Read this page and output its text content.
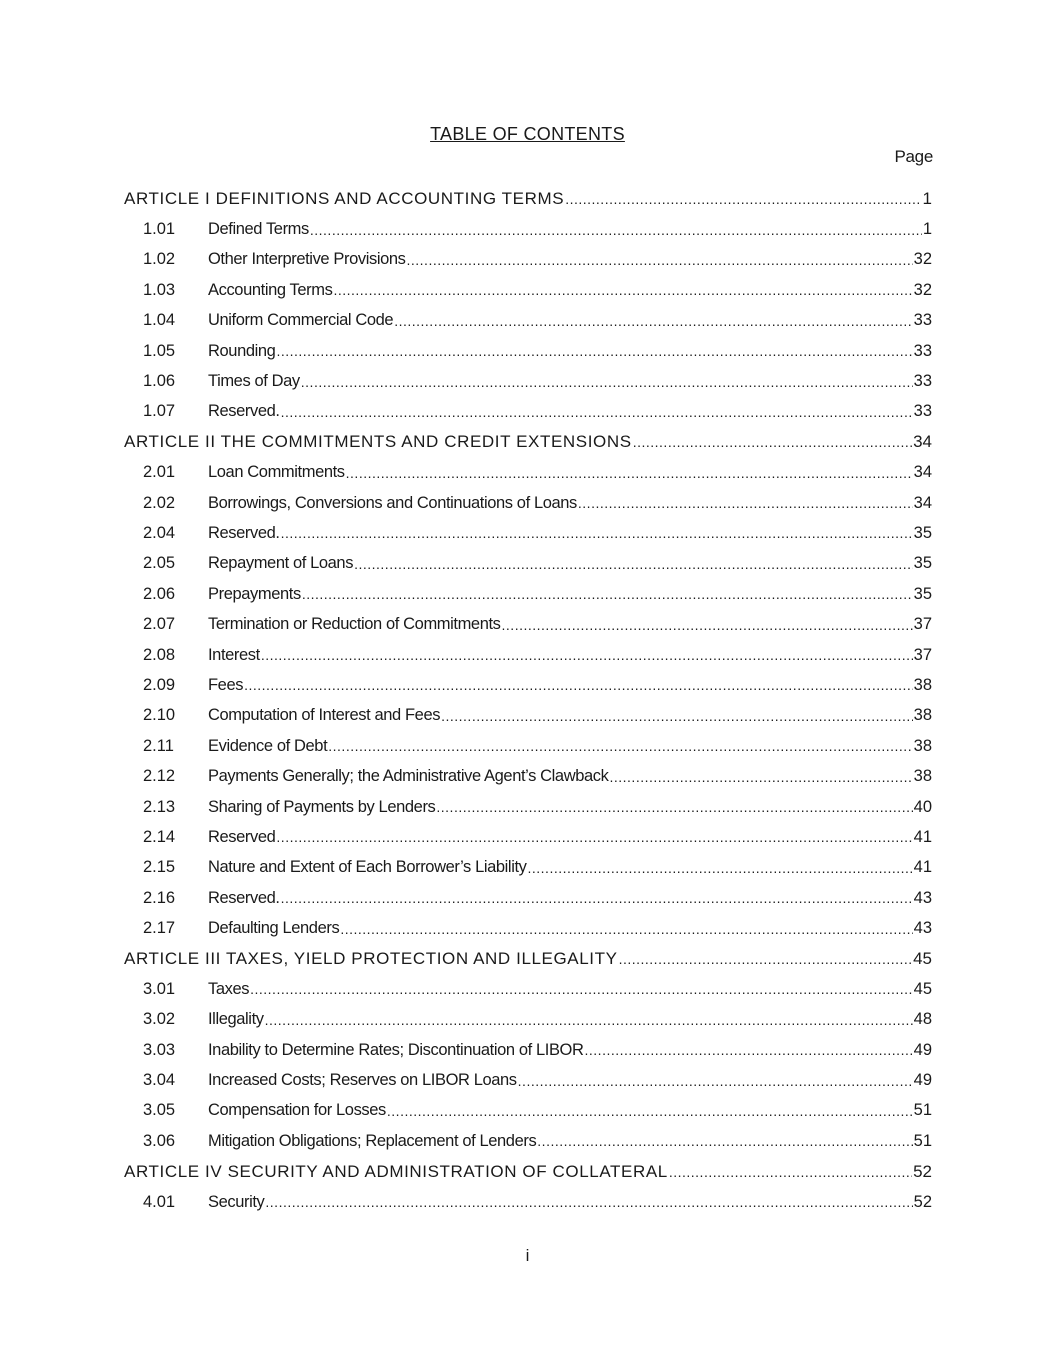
TABLE OF CONTENTS
Page
ARTICLE I DEFINITIONS AND ACCOUNTING TERMS .....	1
1.01	Defined Terms .....	1
1.02	Other Interpretive Provisions .....	32
1.03	Accounting Terms .....	32
1.04	Uniform Commercial Code .....	33
1.05	Rounding .....	33
1.06	Times of Day .....	33
1.07	Reserved. .....	33
ARTICLE II THE COMMITMENTS AND CREDIT EXTENSIONS .....	34
2.01	Loan Commitments .....	34
2.02	Borrowings, Conversions and Continuations of Loans .....	34
2.04	Reserved. .....	35
2.05	Repayment of Loans .....	35
2.06	Prepayments .....	35
2.07	Termination or Reduction of Commitments .....	37
2.08	Interest .....	37
2.09	Fees .....	38
2.10	Computation of Interest and Fees .....	38
2.11	Evidence of Debt .....	38
2.12	Payments Generally; the Administrative Agent’s Clawback .....	38
2.13	Sharing of Payments by Lenders .....	40
2.14	Reserved .....	41
2.15	Nature and Extent of Each Borrower’s Liability .....	41
2.16	Reserved. .....	43
2.17	Defaulting Lenders .....	43
ARTICLE III TAXES, YIELD PROTECTION AND ILLEGALITY .....	45
3.01	Taxes .....	45
3.02	Illegality .....	48
3.03	Inability to Determine Rates; Discontinuation of LIBOR .....	49
3.04	Increased Costs; Reserves on LIBOR Loans .....	49
3.05	Compensation for Losses .....	51
3.06	Mitigation Obligations; Replacement of Lenders .....	51
ARTICLE IV SECURITY AND ADMINISTRATION OF COLLATERAL .....	52
4.01	Security .....	52
i
